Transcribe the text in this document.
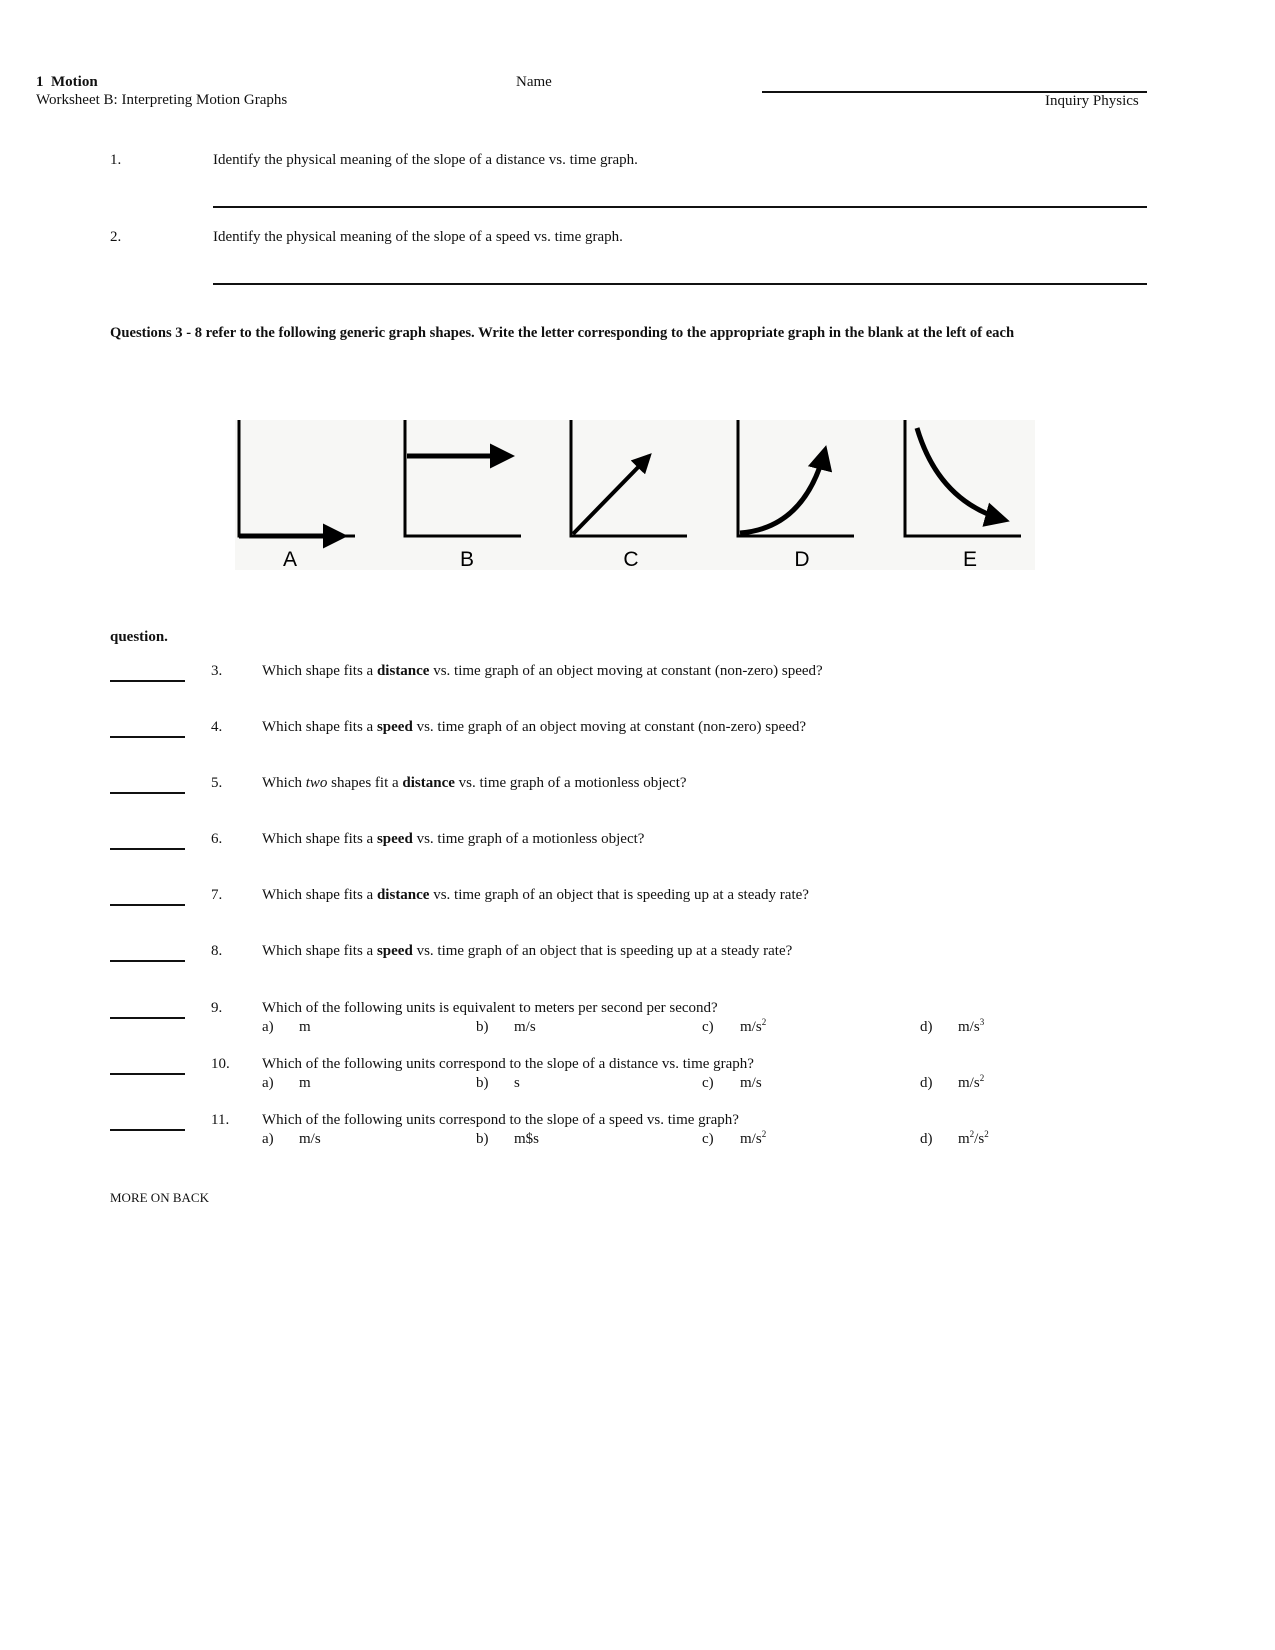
1 Motion
Worksheet B: Interpreting Motion Graphs
Name
Inquiry Physics
1.	Identify the physical meaning of the slope of a distance vs. time graph.
2.	Identify the physical meaning of the slope of a speed vs. time graph.
Questions 3 - 8 refer to the following generic graph shapes. Write the letter corresponding to the appropriate graph in the blank at the left of each
A	B	C	D	E
question.
3.	Which shape fits a distance vs. time graph of an object moving at constant (non-zero) speed?
4.	Which shape fits a speed vs. time graph of an object moving at constant (non-zero) speed?
5.	Which two shapes fit a distance vs. time graph of a motionless object?
6.	Which shape fits a speed vs. time graph of a motionless object?
7.	Which shape fits a distance vs. time graph of an object that is speeding up at a steady rate?
8.	Which shape fits a speed vs. time graph of an object that is speeding up at a steady rate?
9.	Which of the following units is equivalent to meters per second per second?
a) m	b) m/s	c) $m/s^2$	d) $m/s^3$
10. Which of the following units correspond to the slope of a distance vs. time graph?
a) m	b) s	c) m/s	d) $m/s^2$
11. Which of the following units correspond to the slope of a speed vs. time graph?
a) m/s	b) m$s	c) $m/s^2$	d) $m^2/s^2$
MORE ON BACK
